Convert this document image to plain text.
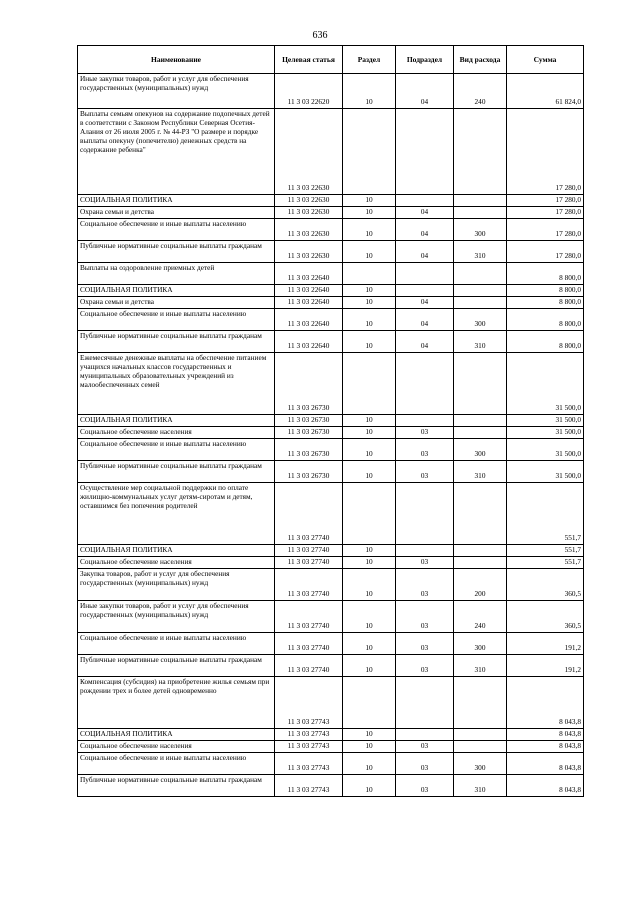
636
Наименование	Целевая статья	Раздел	Подраздел	Вид расхода	Сумма
Иные закупки товаров, работ и услуг для обеспечения государственных (муниципальных) нужд	11 3 03 22620	10	04	240	61 824,0
Выплаты семьям опекунов на содержание подопечных детей в соответствии с Законом Республики Северная Осетия-Алания от 26 июля 2005 г. № 44-РЗ "О размере и порядке выплаты опекуну (попечителю) денежных средств на содержание ребенка"	11 3 03 22630				17 280,0
СОЦИАЛЬНАЯ ПОЛИТИКА	11 3 03 22630	10			17 280,0
Охрана семьи и детства	11 3 03 22630	10	04		17 280,0
Социальное обеспечение и иные выплаты населению	11 3 03 22630	10	04	300	17 280,0
Публичные нормативные социальные выплаты гражданам	11 3 03 22630	10	04	310	17 280,0
Выплаты на оздоровление приемных детей	11 3 03 22640				8 800,0
СОЦИАЛЬНАЯ ПОЛИТИКА	11 3 03 22640	10			8 800,0
Охрана семьи и детства	11 3 03 22640	10	04		8 800,0
Социальное обеспечение и иные выплаты населению	11 3 03 22640	10	04	300	8 800,0
Публичные нормативные социальные выплаты гражданам	11 3 03 22640	10	04	310	8 800,0
Ежемесячные денежные выплаты на обеспечение питанием учащихся начальных классов государственных и муниципальных образовательных учреждений из малообеспеченных семей	11 3 03 26730				31 500,0
СОЦИАЛЬНАЯ ПОЛИТИКА	11 3 03 26730	10			31 500,0
Социальное обеспечение населения	11 3 03 26730	10	03		31 500,0
Социальное обеспечение и иные выплаты населению	11 3 03 26730	10	03	300	31 500,0
Публичные нормативные социальные выплаты гражданам	11 3 03 26730	10	03	310	31 500,0
Осуществление мер социальной поддержки по оплате жилищно-коммунальных услуг детям-сиротам и детям, оставшимся без попечения родителей	11 3 03 27740				551,7
СОЦИАЛЬНАЯ ПОЛИТИКА	11 3 03 27740	10			551,7
Социальное обеспечение населения	11 3 03 27740	10	03		551,7
Закупка товаров, работ и услуг для обеспечения государственных (муниципальных) нужд	11 3 03 27740	10	03	200	360,5
Иные закупки товаров, работ и услуг для обеспечения государственных (муниципальных) нужд	11 3 03 27740	10	03	240	360,5
Социальное обеспечение и иные выплаты населению	11 3 03 27740	10	03	300	191,2
Публичные нормативные социальные выплаты гражданам	11 3 03 27740	10	03	310	191,2
Компенсация (субсидия) на приобретение жилья семьям при рождении трех и более детей одновременно	11 3 03 27743				8 043,8
СОЦИАЛЬНАЯ ПОЛИТИКА	11 3 03 27743	10			8 043,8
Социальное обеспечение населения	11 3 03 27743	10	03		8 043,8
Социальное обеспечение и иные выплаты населению	11 3 03 27743	10	03	300	8 043,8
Публичные нормативные социальные выплаты гражданам	11 3 03 27743	10	03	310	8 043,8
